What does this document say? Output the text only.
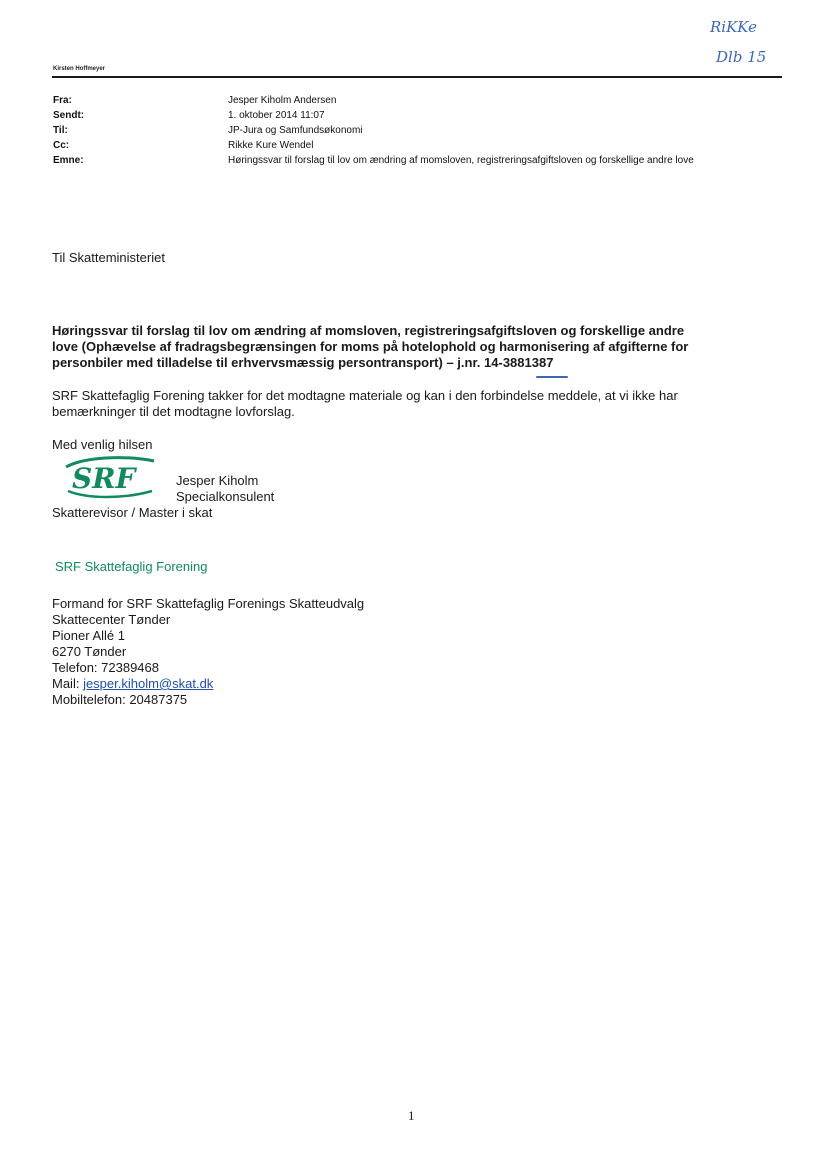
RiKKe
Dlb 15
Kirsten Hoffmeyer
Fra:	Jesper Kiholm Andersen
Sendt:	1. oktober 2014 11:07
Til:	JP-Jura og Samfundsøkonomi
Cc:	Rikke Kure Wendel
Emne:	Høringssvar til forslag til lov om ændring af momsloven, registreringsafgiftsloven og forskellige andre love
Til Skatteministeriet
Høringssvar til forslag til lov om ændring af momsloven, registreringsafgiftsloven og forskellige andre
love (Ophævelse af fradragsbegrænsingen for moms på hotelophold og harmonisering af afgifterne for
personbiler med tilladelse til erhvervsmæssig persontransport) – j.nr. 14-3881387
SRF Skattefaglig Forening takker for det modtagne materiale og kan i den forbindelse meddele, at vi ikke har
bemærkninger til det modtagne lovforslag.
Med venlig hilsen
SRF	Jesper Kiholm
Specialkonsulent
Skatterevisor / Master i skat
SRF Skattefaglig Forening
Formand for SRF Skattefaglig Forenings Skatteudvalg
Skattecenter Tønder
Pioner Allé 1
6270 Tønder
Telefon: 72389468
Mail: jesper.kiholm@skat.dk
Mobiltelefon: 20487375
1
